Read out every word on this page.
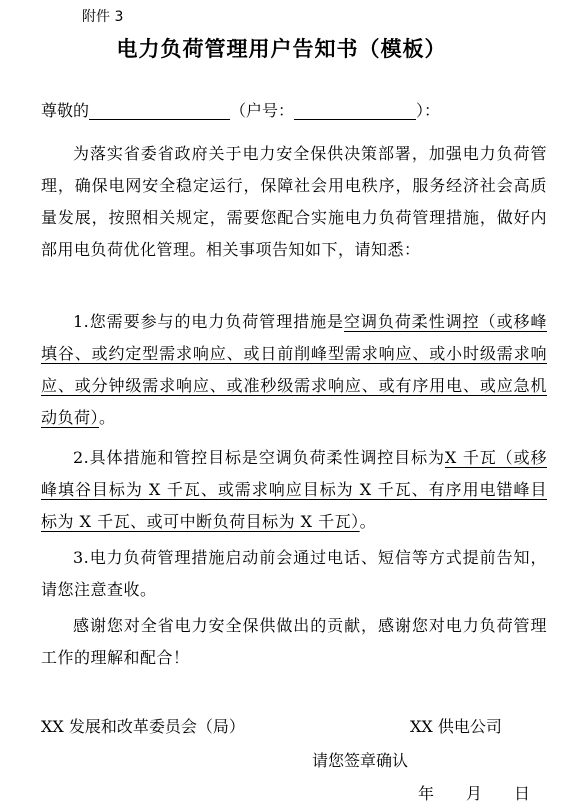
附件 3
电力负荷管理用户告知书（模板）
尊敬的	（户号：	）：
为落实省委省政府关于电力安全保供决策部署，加强电力负荷管理，确保电网安全稳定运行，保障社会用电秩序，服务经济社会高质量发展，按照相关规定，需要您配合实施电力负荷管理措施，做好内部用电负荷优化管理。相关事项告知如下，请知悉：
1.您需要参与的电力负荷管理措施是空调负荷柔性调控（或移峰填谷、或约定型需求响应、或日前削峰型需求响应、或小时级需求响应、或分钟级需求响应、或准秒级需求响应、或有序用电、或应急机动负荷）。
2.具体措施和管控目标是空调负荷柔性调控目标为X 千瓦（或移峰填谷目标为 X 千瓦、或需求响应目标为 X 千瓦、有序用电错峰目标为 X 千瓦、或可中断负荷目标为 X 千瓦）。
3.电力负荷管理措施启动前会通过电话、短信等方式提前告知，请您注意查收。
感谢您对全省电力安全保供做出的贡献，感谢您对电力负荷管理工作的理解和配合！
XX 发展和改革委员会（局）	XX 供电公司
请您签章确认
年　　月　　日
